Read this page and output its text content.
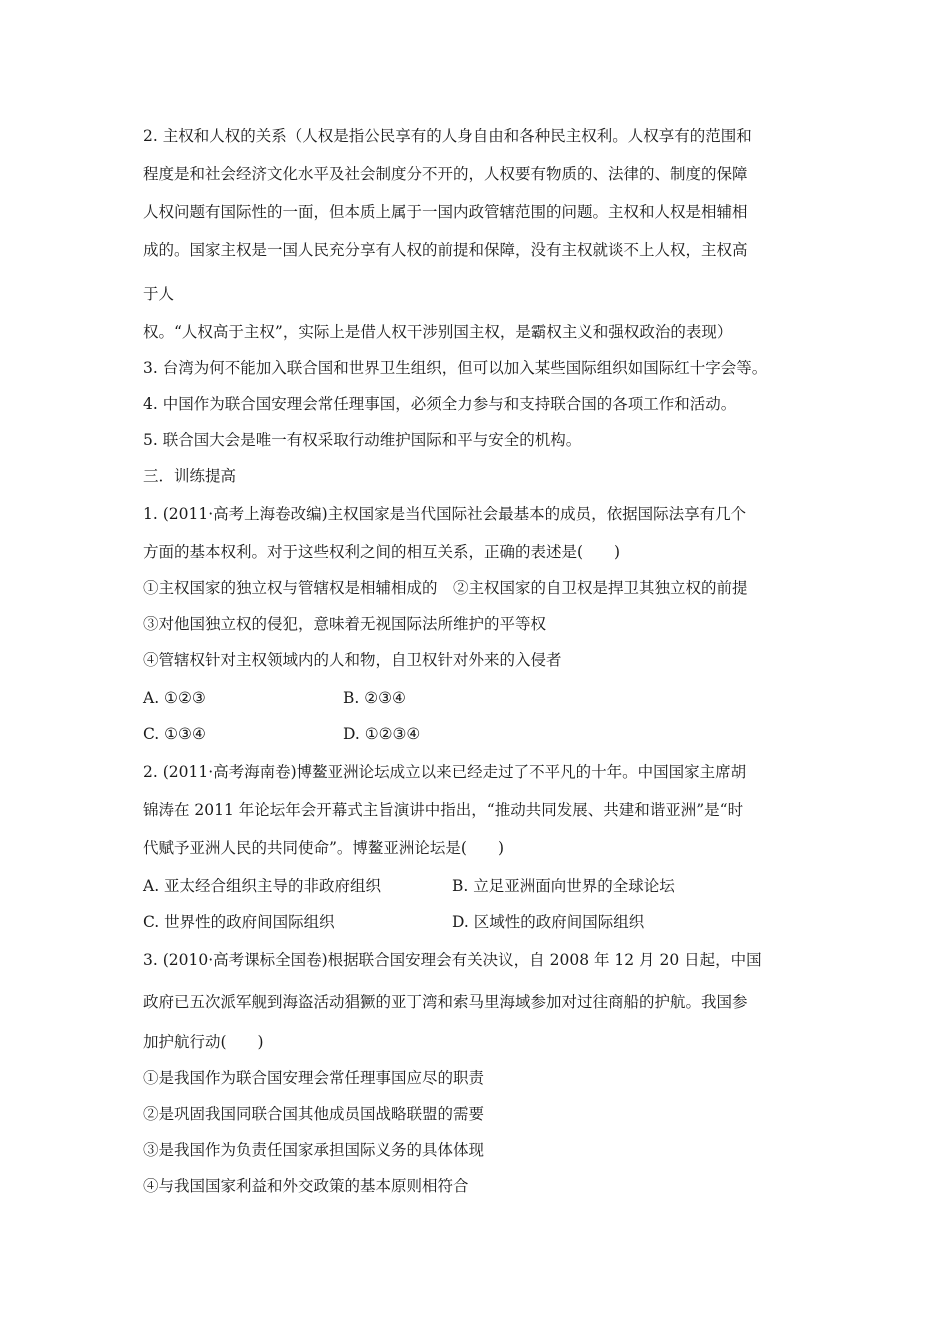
2. 主权和人权的关系（人权是指公民享有的人身自由和各种民主权利。人权享有的范围和
程度是和社会经济文化水平及社会制度分不开的，人权要有物质的、法律的、制度的保障
人权问题有国际性的一面，但本质上属于一国内政管辖范围的问题。主权和人权是相辅相
成的。国家主权是一国人民充分享有人权的前提和保障，没有主权就谈不上人权，主权高
于人
权。“人权高于主权”，实际上是借人权干涉别国主权，是霸权主义和强权政治的表现）
3. 台湾为何不能加入联合国和世界卫生组织，但可以加入某些国际组织如国际红十字会等。
4. 中国作为联合国安理会常任理事国，必须全力参与和支持联合国的各项工作和活动。
5. 联合国大会是唯一有权采取行动维护国际和平与安全的机构。
三．训练提高
1. (2011·高考上海卷改编)主权国家是当代国际社会最基本的成员，依据国际法享有几个
方面的基本权利。对于这些权利之间的相互关系，正确的表述是(　　)
①主权国家的独立权与管辖权是相辅相成的　②主权国家的自卫权是捍卫其独立权的前提
③对他国独立权的侵犯，意味着无视国际法所维护的平等权
④管辖权针对主权领域内的人和物，自卫权针对外来的入侵者
A. ①②③	B. ②③④
C. ①③④	D. ①②③④
2. (2011·高考海南卷)博鳌亚洲论坛成立以来已经走过了不平凡的十年。中国国家主席胡
锦涛在 2011 年论坛年会开幕式主旨演讲中指出，“推动共同发展、共建和谐亚洲”是“时
代赋予亚洲人民的共同使命”。博鳌亚洲论坛是(　　)
A. 亚太经合组织主导的非政府组织	B. 立足亚洲面向世界的全球论坛
C. 世界性的政府间国际组织	D. 区域性的政府间国际组织
3. (2010·高考课标全国卷)根据联合国安理会有关决议，自 2008 年 12 月 20 日起，中国
政府已五次派军舰到海盗活动猖獗的亚丁湾和索马里海域参加对过往商船的护航。我国参
加护航行动(　　)
①是我国作为联合国安理会常任理事国应尽的职责
②是巩固我国同联合国其他成员国战略联盟的需要
③是我国作为负责任国家承担国际义务的具体体现
④与我国国家利益和外交政策的基本原则相符合
